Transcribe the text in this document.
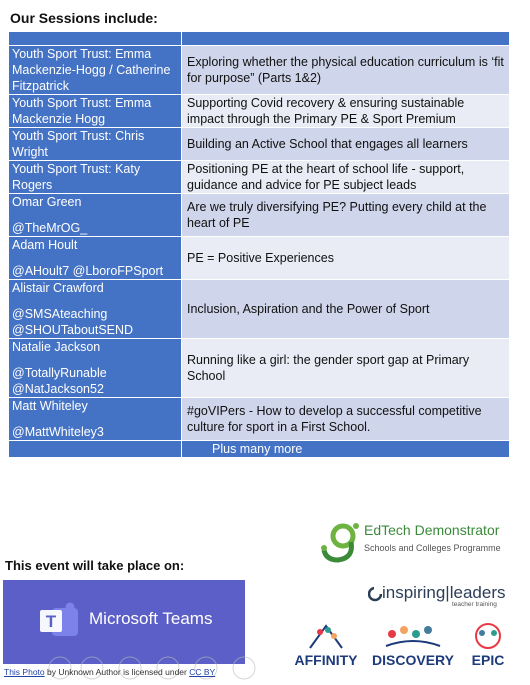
Our Sessions include:

Youth Sport Trust: Emma Mackenzie-Hogg / Catherine Fitzpatrick	Exploring whether the physical education curriculum is ‘fit for purpose” (Parts 1&2)

Youth Sport Trust: Emma Mackenzie Hogg	Supporting Covid recovery & ensuring sustainable impact through the Primary PE & Sport Premium

Youth Sport Trust: Chris Wright	Building an Active School that engages all learners

Youth Sport Trust: Katy Rogers	Positioning PE at the heart of school life - support, guidance and advice for PE subject leads

Omar Green
@TheMrOG_	Are we truly diversifying PE? Putting every child at the heart of PE

Adam Hoult
@AHoult7 @LboroFPSport	PE = Positive Experiences

Alistair Crawford
@SMSAteaching
@SHOUTaboutSEND	Inclusion, Aspiration and the Power of Sport

Natalie Jackson
@TotallyRunable
@NatJackson52	Running like a girl: the gender sport gap at Primary School

Matt Whiteley
@MattWhiteley3	#goVIPers - How to develop a successful competitive culture for sport in a First School.
	Plus many more
This event will take place on:
T Microsoft Teams
This Photo by Unknown Author is licensed under CC BY
EdTech Demonstrator
Schools and Colleges Programme
inspiring|leaders
teacher training
AFFINITY	DISCOVERY	EPIC
